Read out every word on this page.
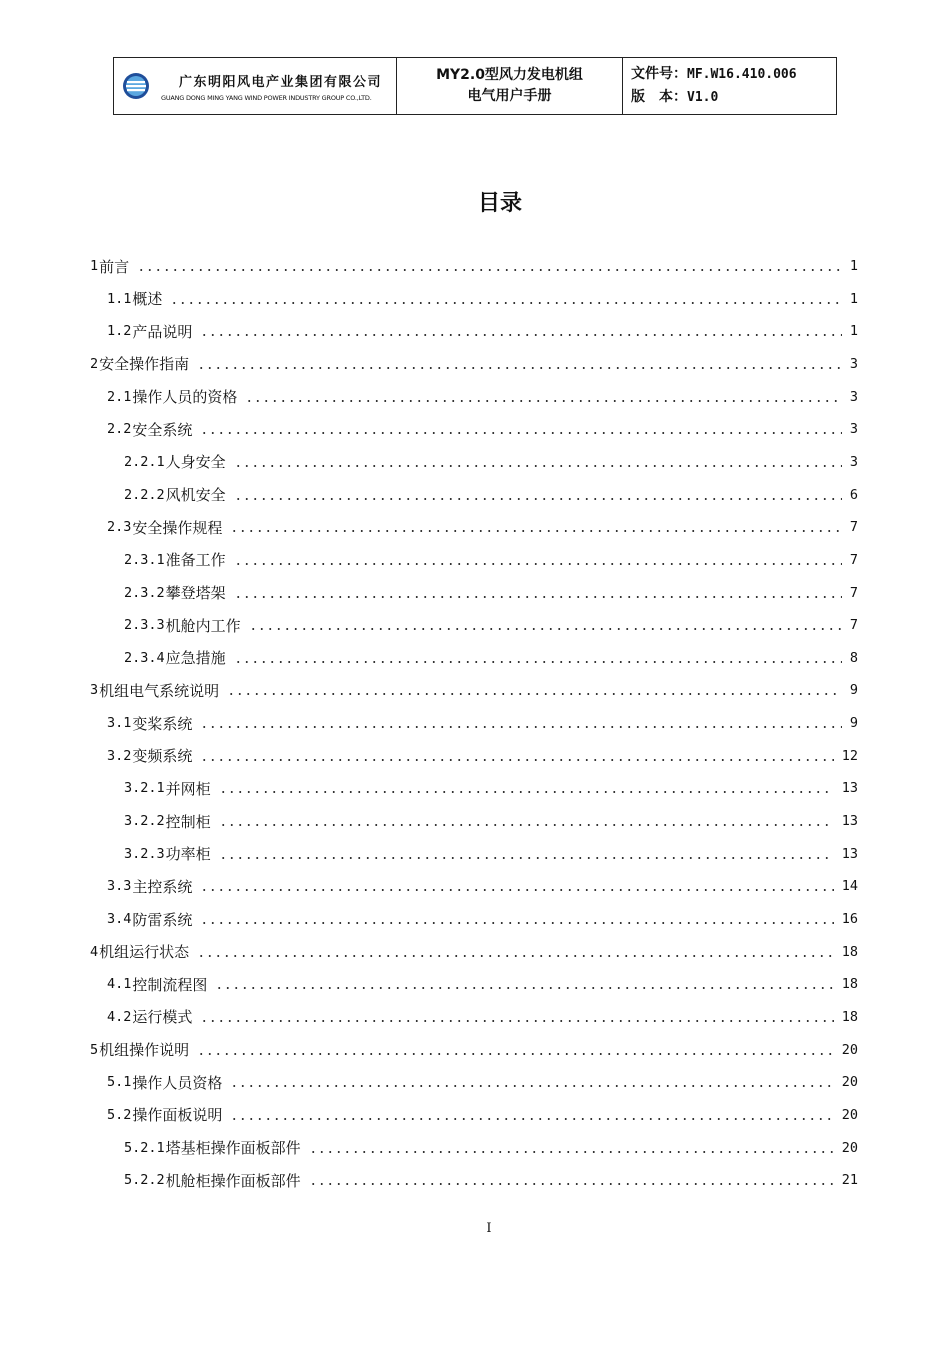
广东明阳风电产业集团有限公司
GUANG DONG MING YANG WIND POWER INDUSTRY GROUP CO.,LTD.
MY2.0型风力发电机组
电气用户手册
文件号：MF.W16.410.006
版　本：V1.0
目录
1 前言	1
1.1 概述	1
1.2 产品说明	1
2 安全操作指南	3
2.1 操作人员的资格	3
2.2 安全系统	3
2.2.1 人身安全	3
2.2.2 风机安全	6
2.3 安全操作规程	7
2.3.1 准备工作	7
2.3.2 攀登塔架	7
2.3.3 机舱内工作	7
2.3.4 应急措施	8
3 机组电气系统说明	9
3.1 变桨系统	9
3.2 变频系统	12
3.2.1 并网柜	13
3.2.2 控制柜	13
3.2.3 功率柜	13
3.3 主控系统	14
3.4 防雷系统	16
4 机组运行状态	18
4.1 控制流程图	18
4.2 运行模式	18
5 机组操作说明	20
5.1 操作人员资格	20
5.2 操作面板说明	20
5.2.1 塔基柜操作面板部件	20
5.2.2 机舱柜操作面板部件	21
I
